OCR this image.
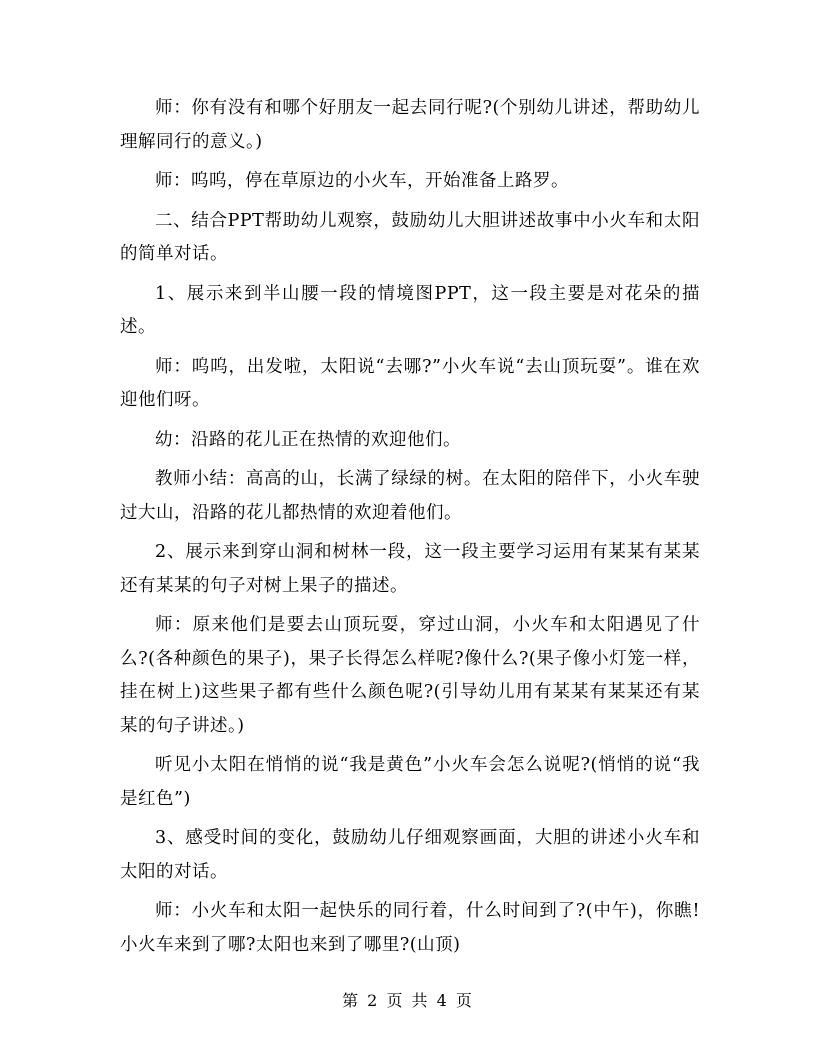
师：你有没有和哪个好朋友一起去同行呢?(个别幼儿讲述，帮助幼儿理解同行的意义。)

师：呜呜，停在草原边的小火车，开始准备上路罗。

二、结合PPT帮助幼儿观察，鼓励幼儿大胆讲述故事中小火车和太阳的简单对话。

1、展示来到半山腰一段的情境图PPT，这一段主要是对花朵的描述。

师：呜呜，出发啦，太阳说“去哪?”小火车说“去山顶玩耍”。谁在欢迎他们呀。

幼：沿路的花儿正在热情的欢迎他们。

教师小结：高高的山，长满了绿绿的树。在太阳的陪伴下，小火车驶过大山，沿路的花儿都热情的欢迎着他们。

2、展示来到穿山洞和树林一段，这一段主要学习运用有某某有某某还有某某的句子对树上果子的描述。

师：原来他们是要去山顶玩耍，穿过山洞，小火车和太阳遇见了什么?(各种颜色的果子)，果子长得怎么样呢?像什么?(果子像小灯笼一样，挂在树上)这些果子都有些什么颜色呢?(引导幼儿用有某某有某某还有某某的句子讲述。)

听见小太阳在悄悄的说“我是黄色”小火车会怎么说呢?(悄悄的说“我是红色”)

3、感受时间的变化，鼓励幼儿仔细观察画面，大胆的讲述小火车和太阳的对话。

师：小火车和太阳一起快乐的同行着，什么时间到了?(中午)，你瞧!小火车来到了哪?太阳也来到了哪里?(山顶)

第 2 页 共 4 页
